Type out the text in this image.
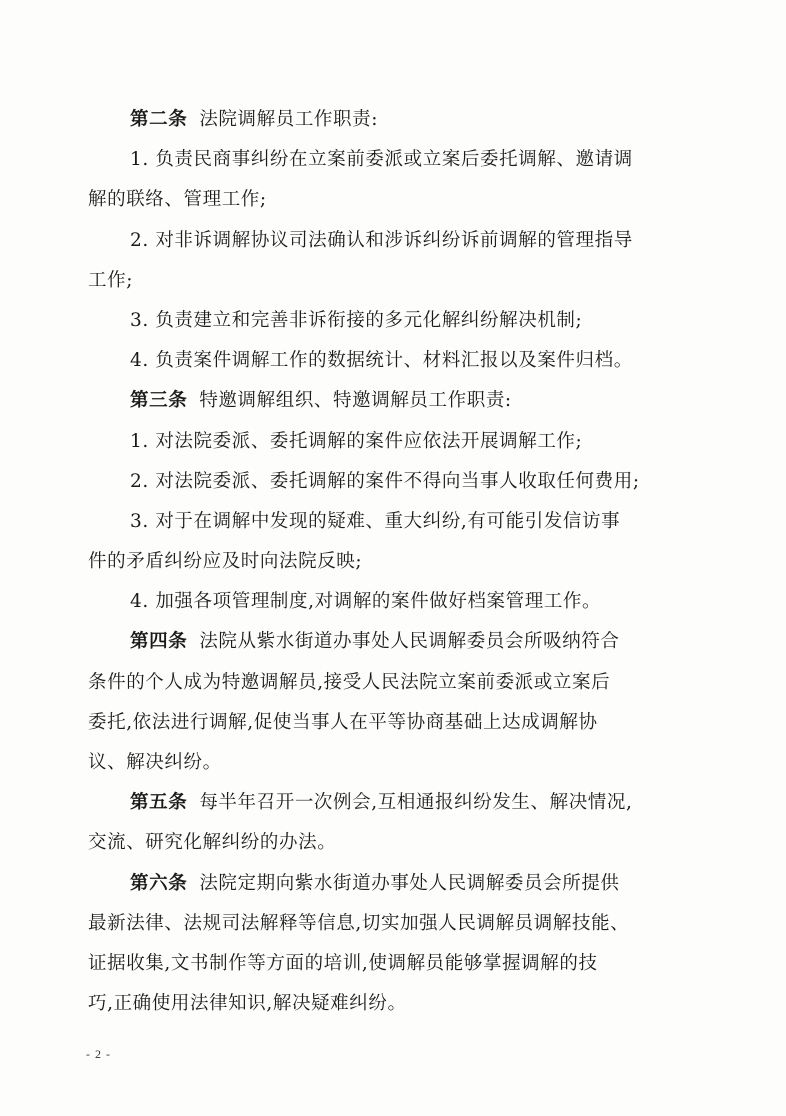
第二条 法院调解员工作职责:
1. 负责民商事纠纷在立案前委派或立案后委托调解、邀请调
解的联络、管理工作;
2. 对非诉调解协议司法确认和涉诉纠纷诉前调解的管理指导
工作;
3. 负责建立和完善非诉衔接的多元化解纠纷解决机制;
4. 负责案件调解工作的数据统计、材料汇报以及案件归档。
第三条 特邀调解组织、特邀调解员工作职责:
1. 对法院委派、委托调解的案件应依法开展调解工作;
2. 对法院委派、委托调解的案件不得向当事人收取任何费用;
3. 对于在调解中发现的疑难、重大纠纷,有可能引发信访事
件的矛盾纠纷应及时向法院反映;
4. 加强各项管理制度,对调解的案件做好档案管理工作。
第四条 法院从紫水街道办事处人民调解委员会所吸纳符合
条件的个人成为特邀调解员,接受人民法院立案前委派或立案后
委托,依法进行调解,促使当事人在平等协商基础上达成调解协
议、解决纠纷。
第五条 每半年召开一次例会,互相通报纠纷发生、解决情况,
交流、研究化解纠纷的办法。
第六条 法院定期向紫水街道办事处人民调解委员会所提供
最新法律、法规司法解释等信息,切实加强人民调解员调解技能、
证据收集,文书制作等方面的培训,使调解员能够掌握调解的技
巧,正确使用法律知识,解决疑难纠纷。
- 2 -
